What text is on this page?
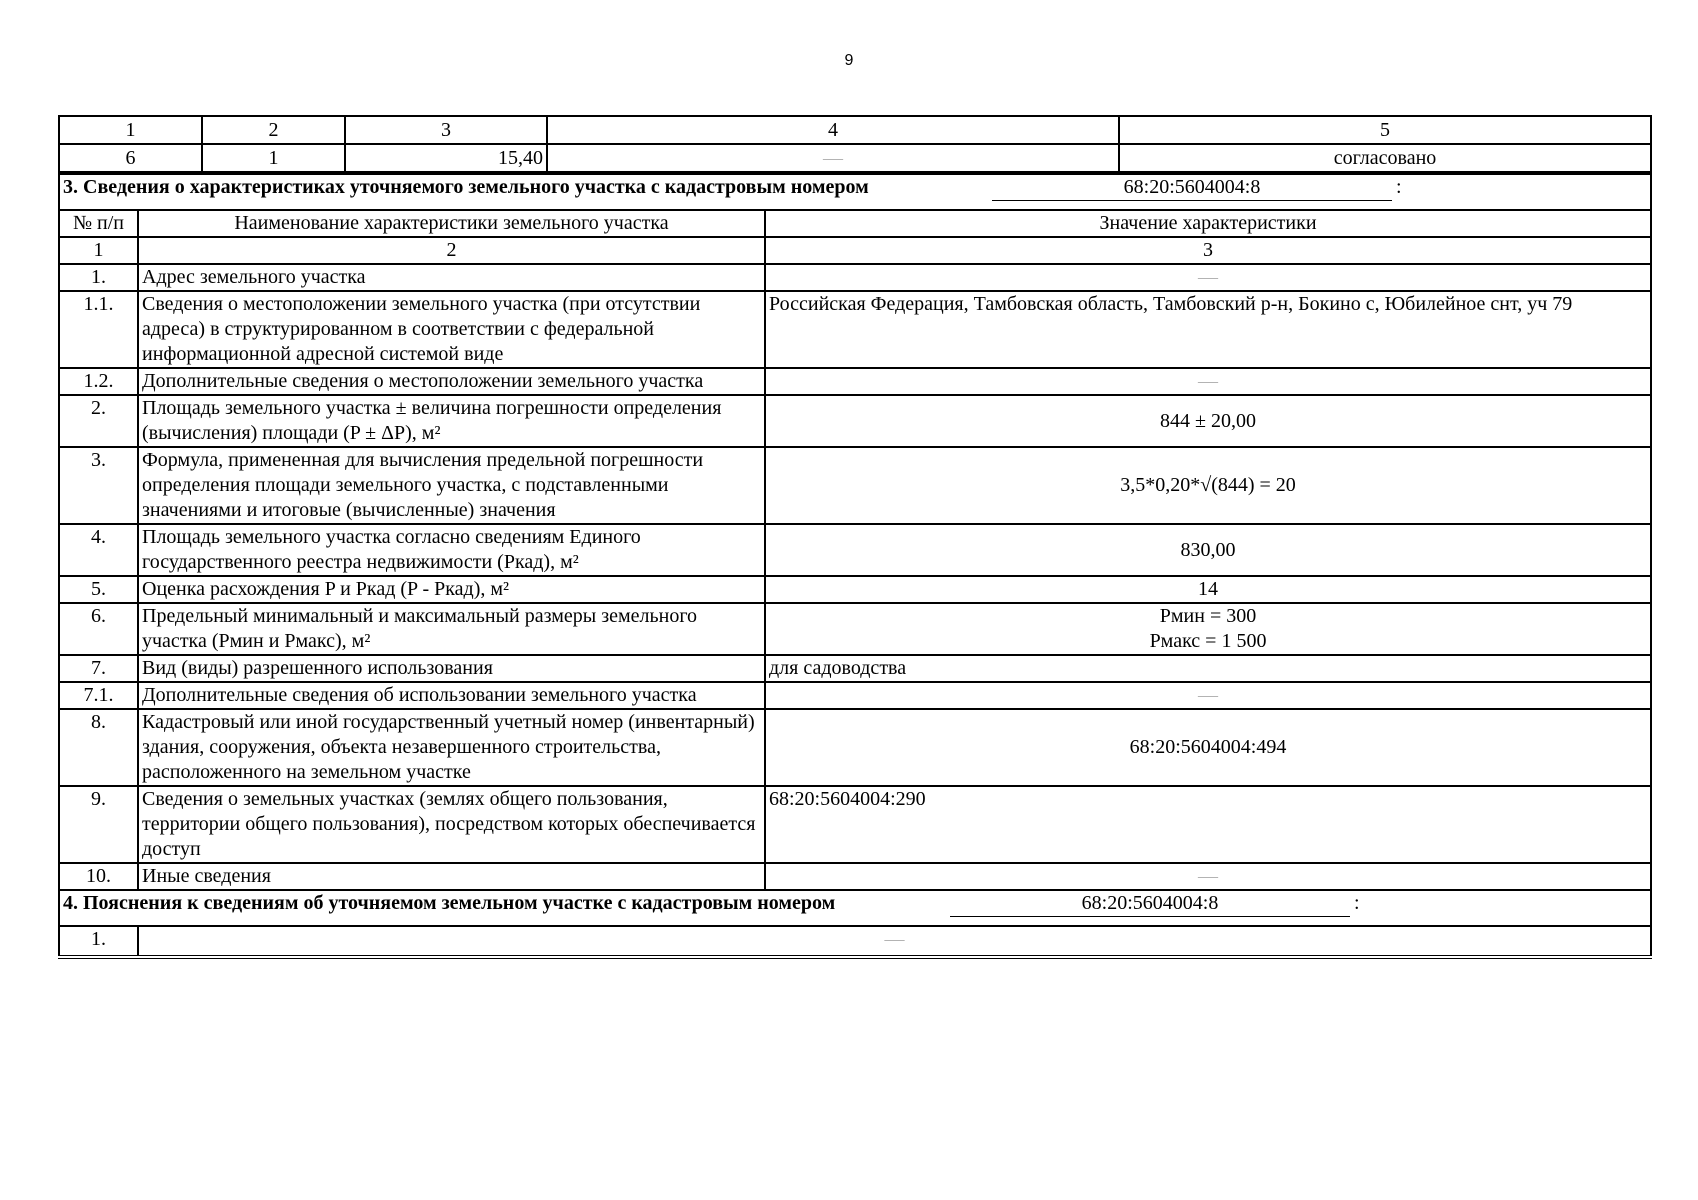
9
1	2	3	4	5
6	1	15,40	—	согласовано
3. Сведения о характеристиках уточняемого земельного участка с кадастровым номером 68:20:5604004:8 :		

№ п/п	Наименование характеристики земельного участка	Значение характеристики
1	2	3
1.	Адрес земельного участка	—
1.1.	Сведения о местоположении земельного участка (при отсутствии адреса) в структурированном в соответствии с федеральной информационной адресной системой виде	Российская Федерация, Тамбовская область, Тамбовский р-н, Бокино с, Юбилейное снт, уч 79
1.2.	Дополнительные сведения о местоположении земельного участка	—
2.	Площадь земельного участка ± величина погрешности определения (вычисления) площади (P ± ΔP), м²	844 ± 20,00
3.	Формула, примененная для вычисления предельной погрешности определения площади земельного участка, с подставленными значениями и итоговые (вычисленные) значения	3,5*0,20*√(844) = 20
4.	Площадь земельного участка согласно сведениям Единого государственного реестра недвижимости (Pкад), м²	830,00
5.	Оценка расхождения P и Pкад (P - Pкад), м²	14
6.	Предельный минимальный и максимальный размеры земельного участка (Pмин и Pмакс), м²	Pмин = 300
Pмакс = 1 500

7.	Вид (виды) разрешенного использования	для садоводства
7.1.	Дополнительные сведения об использовании земельного участка	—
8.	Кадастровый или иной государственный учетный номер (инвентарный) здания, сооружения, объекта незавершенного строительства, расположенного на земельном участке	68:20:5604004:494
9.	Сведения о земельных участках (землях общего пользования, территории общего пользования), посредством которых обеспечивается доступ	68:20:5604004:290
10.	Иные сведения	—
4. Пояснения к сведениям об уточняемом земельном участке с кадастровым номером 68:20:5604004:8 :		

1.	—	
